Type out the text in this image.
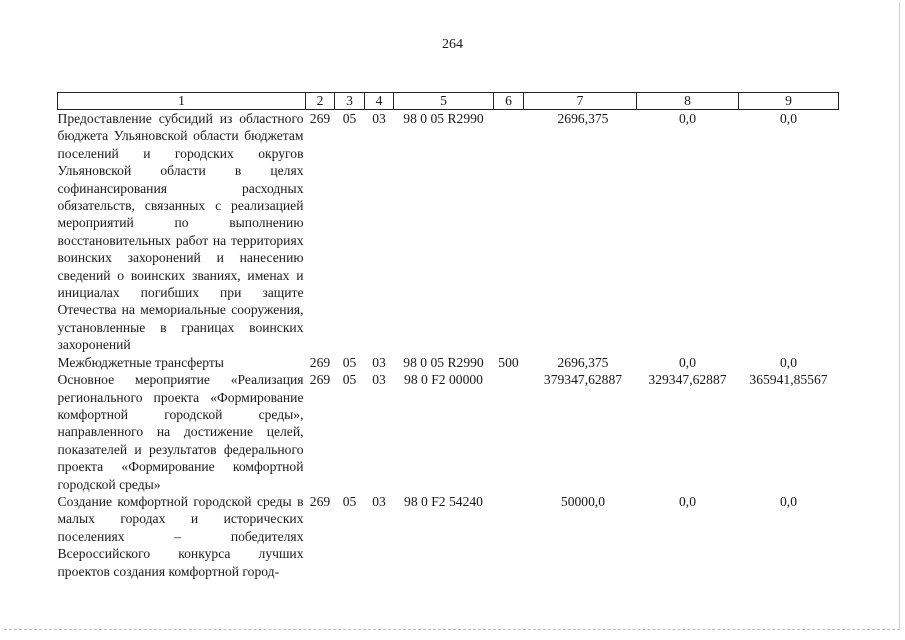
264
1	2	3	4	5	6	7	8	9
Предоставление субсидий из областного бюджета Ульяновской области бюджетам поселений и городских округов Ульяновской области в целях софинансирования расходных обязательств, связанных с реализацией мероприятий по выполнению восстановительных работ на территориях воинских захоронений и нанесению сведений о воинских званиях, именах и инициалах погибших при защите Отечества на мемориальные сооружения, установленные в границах воинских захоронений	269	05	03	98 0 05 R2990		2696,375	0,0	0,0
Межбюджетные трансферты	269	05	03	98 0 05 R2990	500	2696,375	0,0	0,0
Основное мероприятие «Реализация регионального проекта «Формирование комфортной городской среды», направленного на достижение целей, показателей и результатов федерального проекта «Формирование комфортной городской среды»	269	05	03	98 0 F2 00000		379347,62887	329347,62887	365941,85567
Создание комфортной городской среды в малых городах и исторических поселениях – победителях Всероссийского конкурса лучших проектов создания комфортной город-	269	05	03	98 0 F2 54240		50000,0	0,0	0,0
